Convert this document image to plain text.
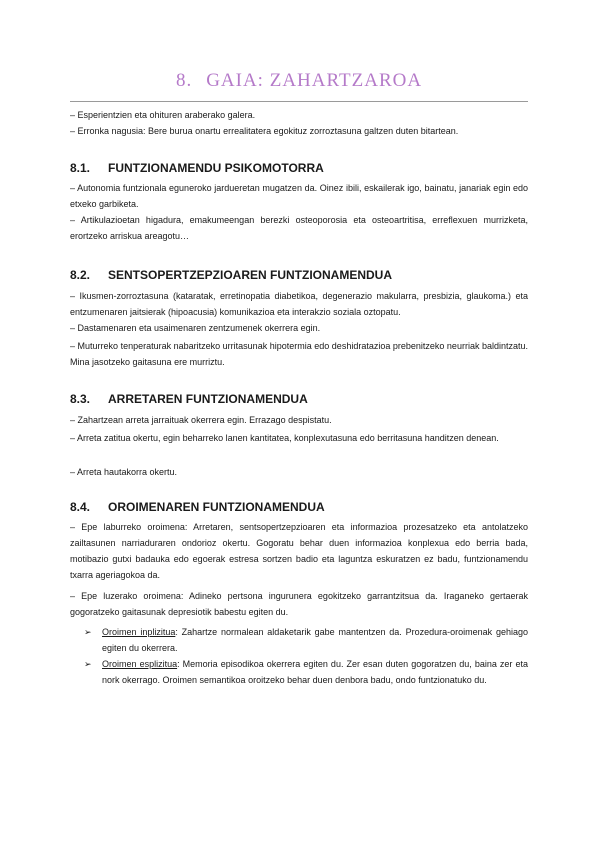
8. GAIA: ZAHARTZAROA

– Esperientzien eta ohituren araberako galera.

– Erronka nagusia: Bere burua onartu errealitatera egokituz zorroztasuna galtzen duten bitartean.

8.1. FUNTZIONAMENDU PSIKOMOTORRA

– Autonomia funtzionala eguneroko jardueretan mugatzen da. Oinez ibili, eskailerak igo, bainatu, janariak egin edo etxeko garbiketa.

– Artikulazioetan higadura, emakumeengan berezki osteoporosia eta osteoartritisa, erreflexuen murrizketa, erortzeko arriskua areagotu…

8.2. SENTSOPERTZEPZIOAREN FUNTZIONAMENDUA

– Ikusmen-zorroztasuna (kataratak, erretinopatia diabetikoa, degenerazio makularra, presbizia, glaukoma.) eta entzumenaren jaitsierak (hipoacusia) komunikazioa eta interakzio soziala oztopatu.

– Dastamenaren eta usaimenaren zentzumenek okerrera egin.

– Muturreko tenperaturak nabaritzeko urritasunak hipotermia edo deshidratazioa prebenitzeko neurriak baldintzatu. Mina jasotzeko gaitasuna ere murriztu.

8.3. ARRETAREN FUNTZIONAMENDUA

– Zahartzean arreta jarraituak okerrera egin. Errazago despistatu.

– Arreta zatitua okertu, egin beharreko lanen kantitatea, konplexutasuna edo berritasuna handitzen denean.

– Arreta hautakorra okertu.

8.4. OROIMENAREN FUNTZIONAMENDUA

– Epe laburreko oroimena: Arretaren, sentsopertzepzioaren eta informazioa prozesatzeko eta antolatzeko zailtasunen narriaduraren ondorioz okertu. Gogoratu behar duen informazioa konplexua edo berria bada, motibazio gutxi badauka edo egoerak estresa sortzen badio eta laguntza eskuratzen ez badu, funtzionamendu txarra ageriagokoa da.

– Epe luzerako oroimena: Adineko pertsona ingurunera egokitzeko garrantzitsua da. Iraganeko gertaerak gogoratzeko gaitasunak depresiotik babestu egiten du.

➢ Oroimen inplizitua: Zahartze normalean aldaketarik gabe mantentzen da. Prozedura-oroimenak gehiago egiten du okerrera.
➢ Oroimen esplizitua: Memoria episodikoa okerrera egiten du. Zer esan duten gogoratzen du, baina zer eta nork okerrago. Oroimen semantikoa oroitzeko behar duen denbora badu, ondo funtzionatuko du.
